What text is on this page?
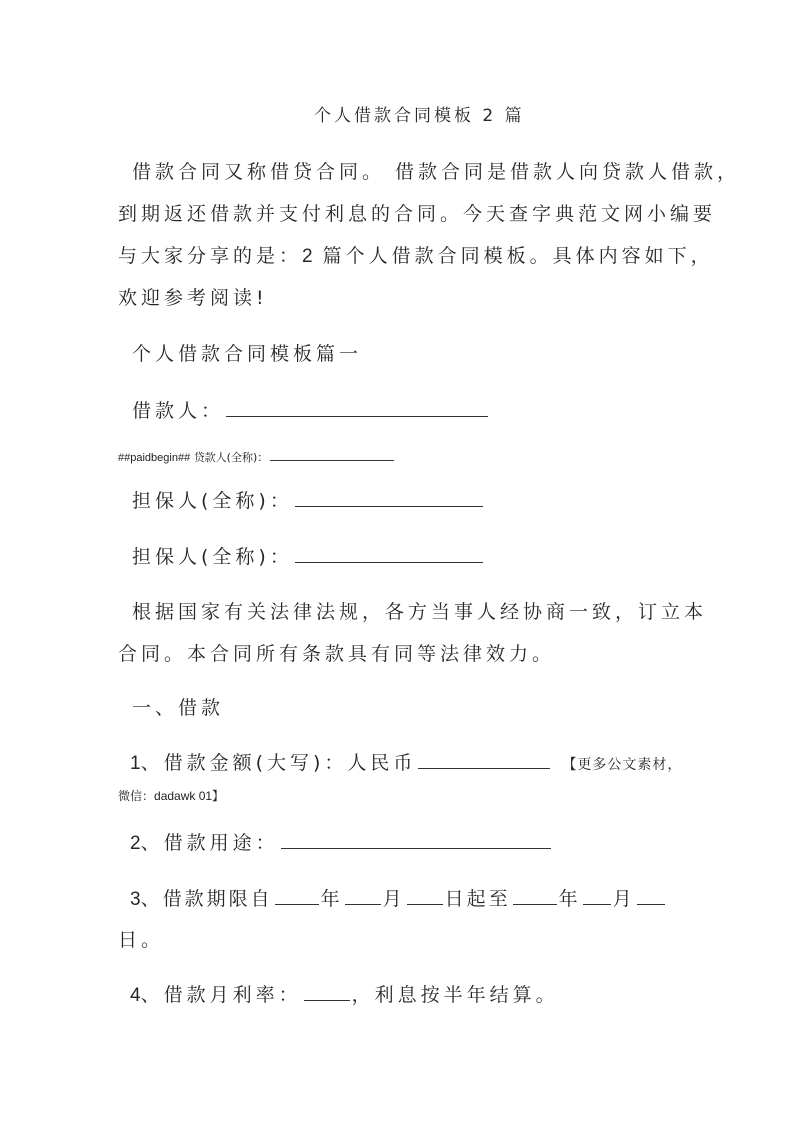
个人借款合同模板 2 篇
借款合同又称借贷合同。 借款合同是借款人向贷款人借款，
到期返还借款并支付利息的合同。今天查字典范文网小编要
与大家分享的是：2 篇个人借款合同模板。具体内容如下，
欢迎参考阅读!
个人借款合同模板篇一
借款人：
##paidbegin## 贷款人(全称)：
担保人(全称)：
担保人(全称)：
根据国家有关法律法规，各方当事人经协商一致，订立本
合同。本合同所有条款具有同等法律效力。
一、借款
1、借款金额(大写)：人民币	【更多公文素材，
微信：dadawk 01】
2、借款用途：
3、借款期限自	年 月 日起至	年 月
日。
4、借款月利率：	，利息按半年结算。
